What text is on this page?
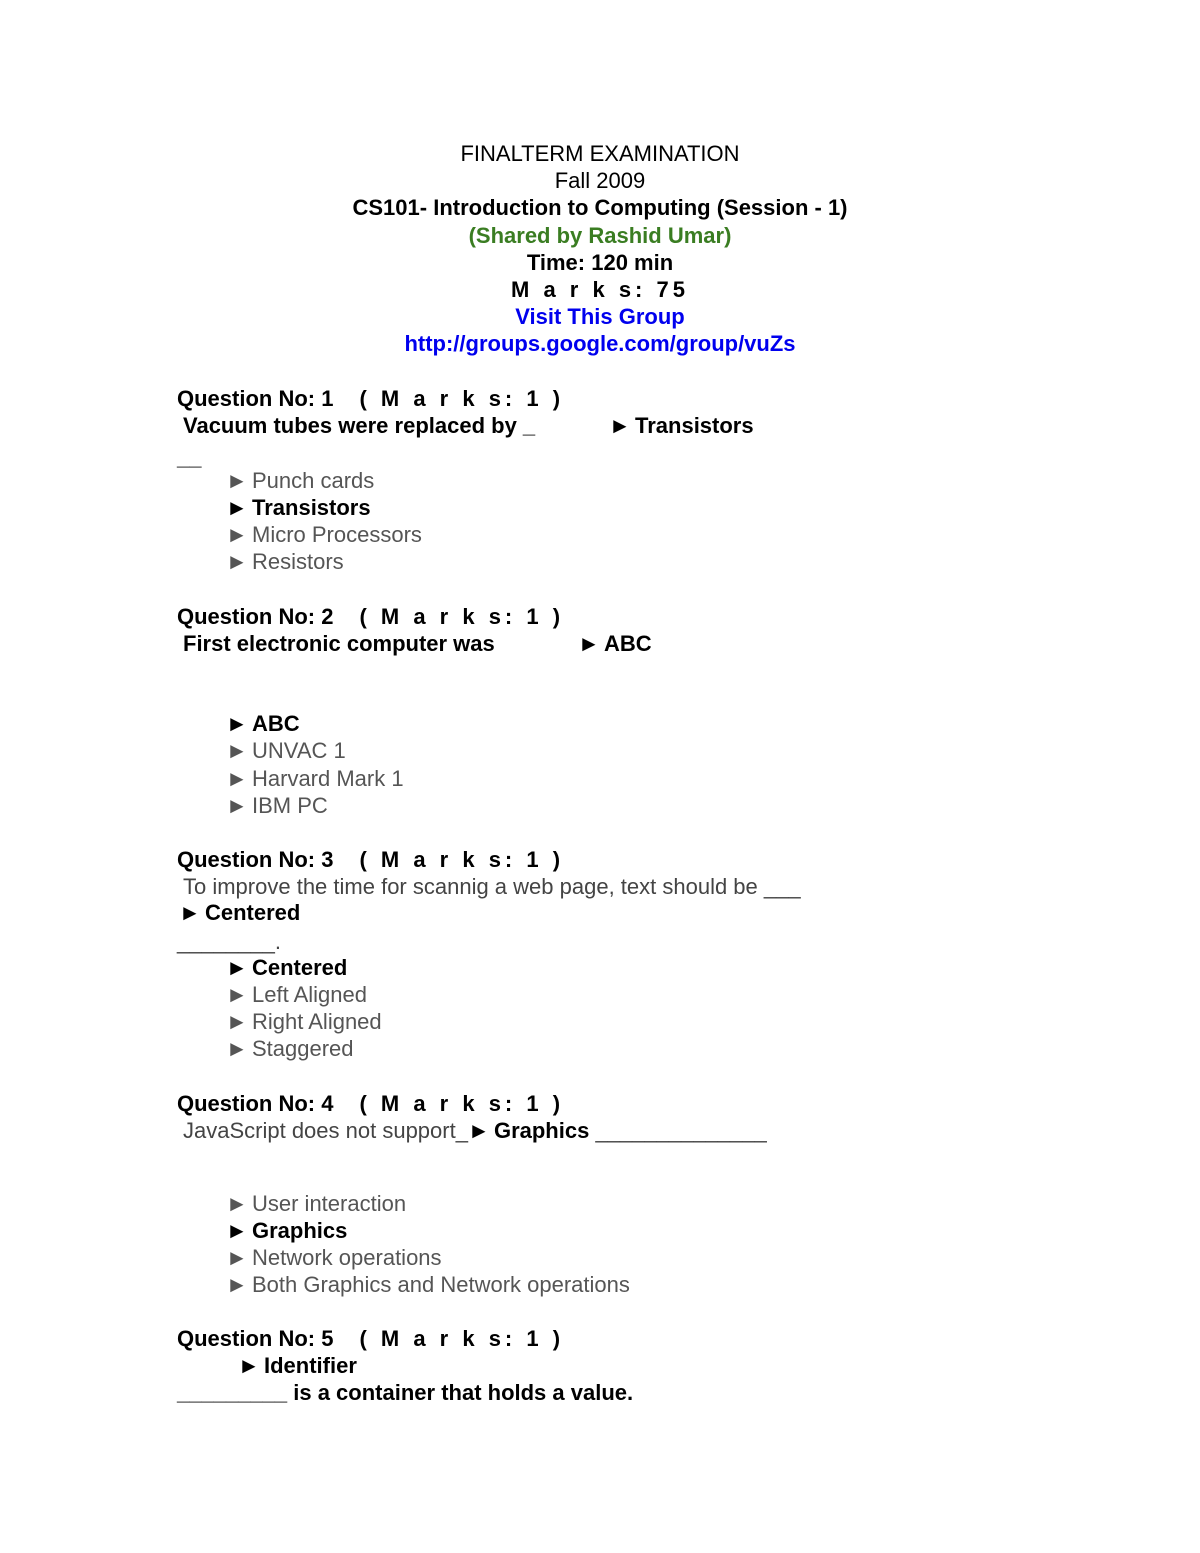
FINALTERM EXAMINATION
Fall 2009
CS101- Introduction to Computing (Session - 1)
(Shared by Rashid Umar)
Time: 120 min
M a r k s: 75
Visit This Group
http://groups.google.com/group/vuZs
Question No: 1 ( M a r k s: 1 )
Vacuum tubes were replaced by _	► Transistors
__
► Punch cards
► Transistors
► Micro Processors
► Resistors
Question No: 2 ( M a r k s: 1 )
First electronic computer was	► ABC
► ABC
► UNVAC 1
► Harvard Mark 1
► IBM PC
Question No: 3 ( M a r k s: 1 )
To improve the time for scannig a web page, text should be ___
► Centered
________.
► Centered
► Left Aligned
► Right Aligned
► Staggered
Question No: 4 ( M a r k s: 1 )
JavaScript does not support_► Graphics ______________
► User interaction
► Graphics
► Network operations
► Both Graphics and Network operations
Question No: 5 ( M a r k s: 1 )
► Identifier
_________ is a container that holds a value.
